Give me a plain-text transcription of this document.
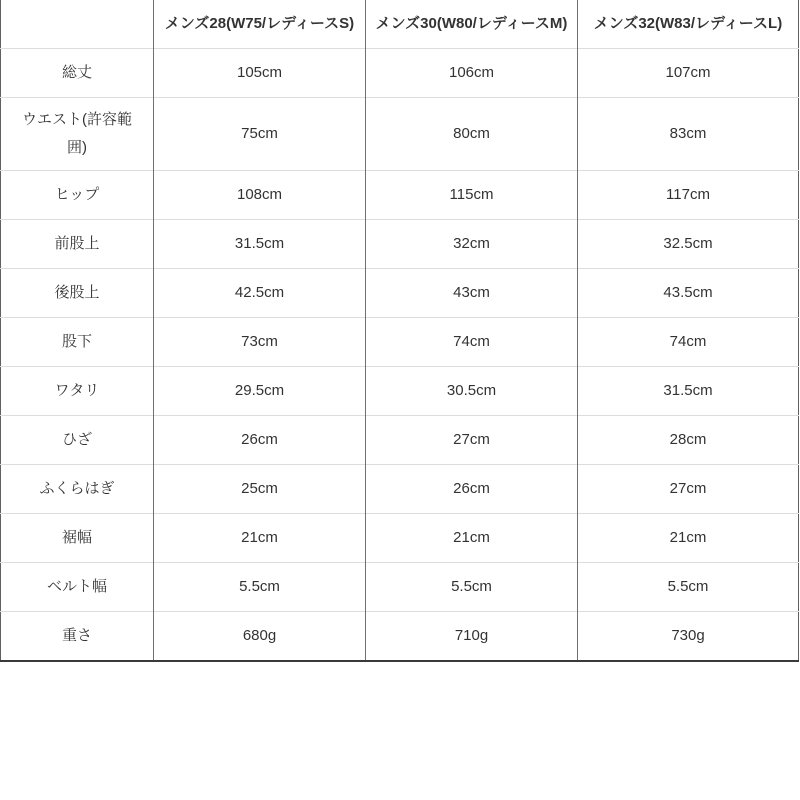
	メンズ28(W75/レディースS)	メンズ30(W80/レディースM)	メンズ32(W83/レディースL)
総丈	105cm	106cm	107cm
ウエスト(許容範囲)	75cm	80cm	83cm
ヒップ	108cm	115cm	117cm
前股上	31.5cm	32cm	32.5cm
後股上	42.5cm	43cm	43.5cm
股下	73cm	74cm	74cm
ワタリ	29.5cm	30.5cm	31.5cm
ひざ	26cm	27cm	28cm
ふくらはぎ	25cm	26cm	27cm
裾幅	21cm	21cm	21cm
ベルト幅	5.5cm	5.5cm	5.5cm
重さ	680g	710g	730g
